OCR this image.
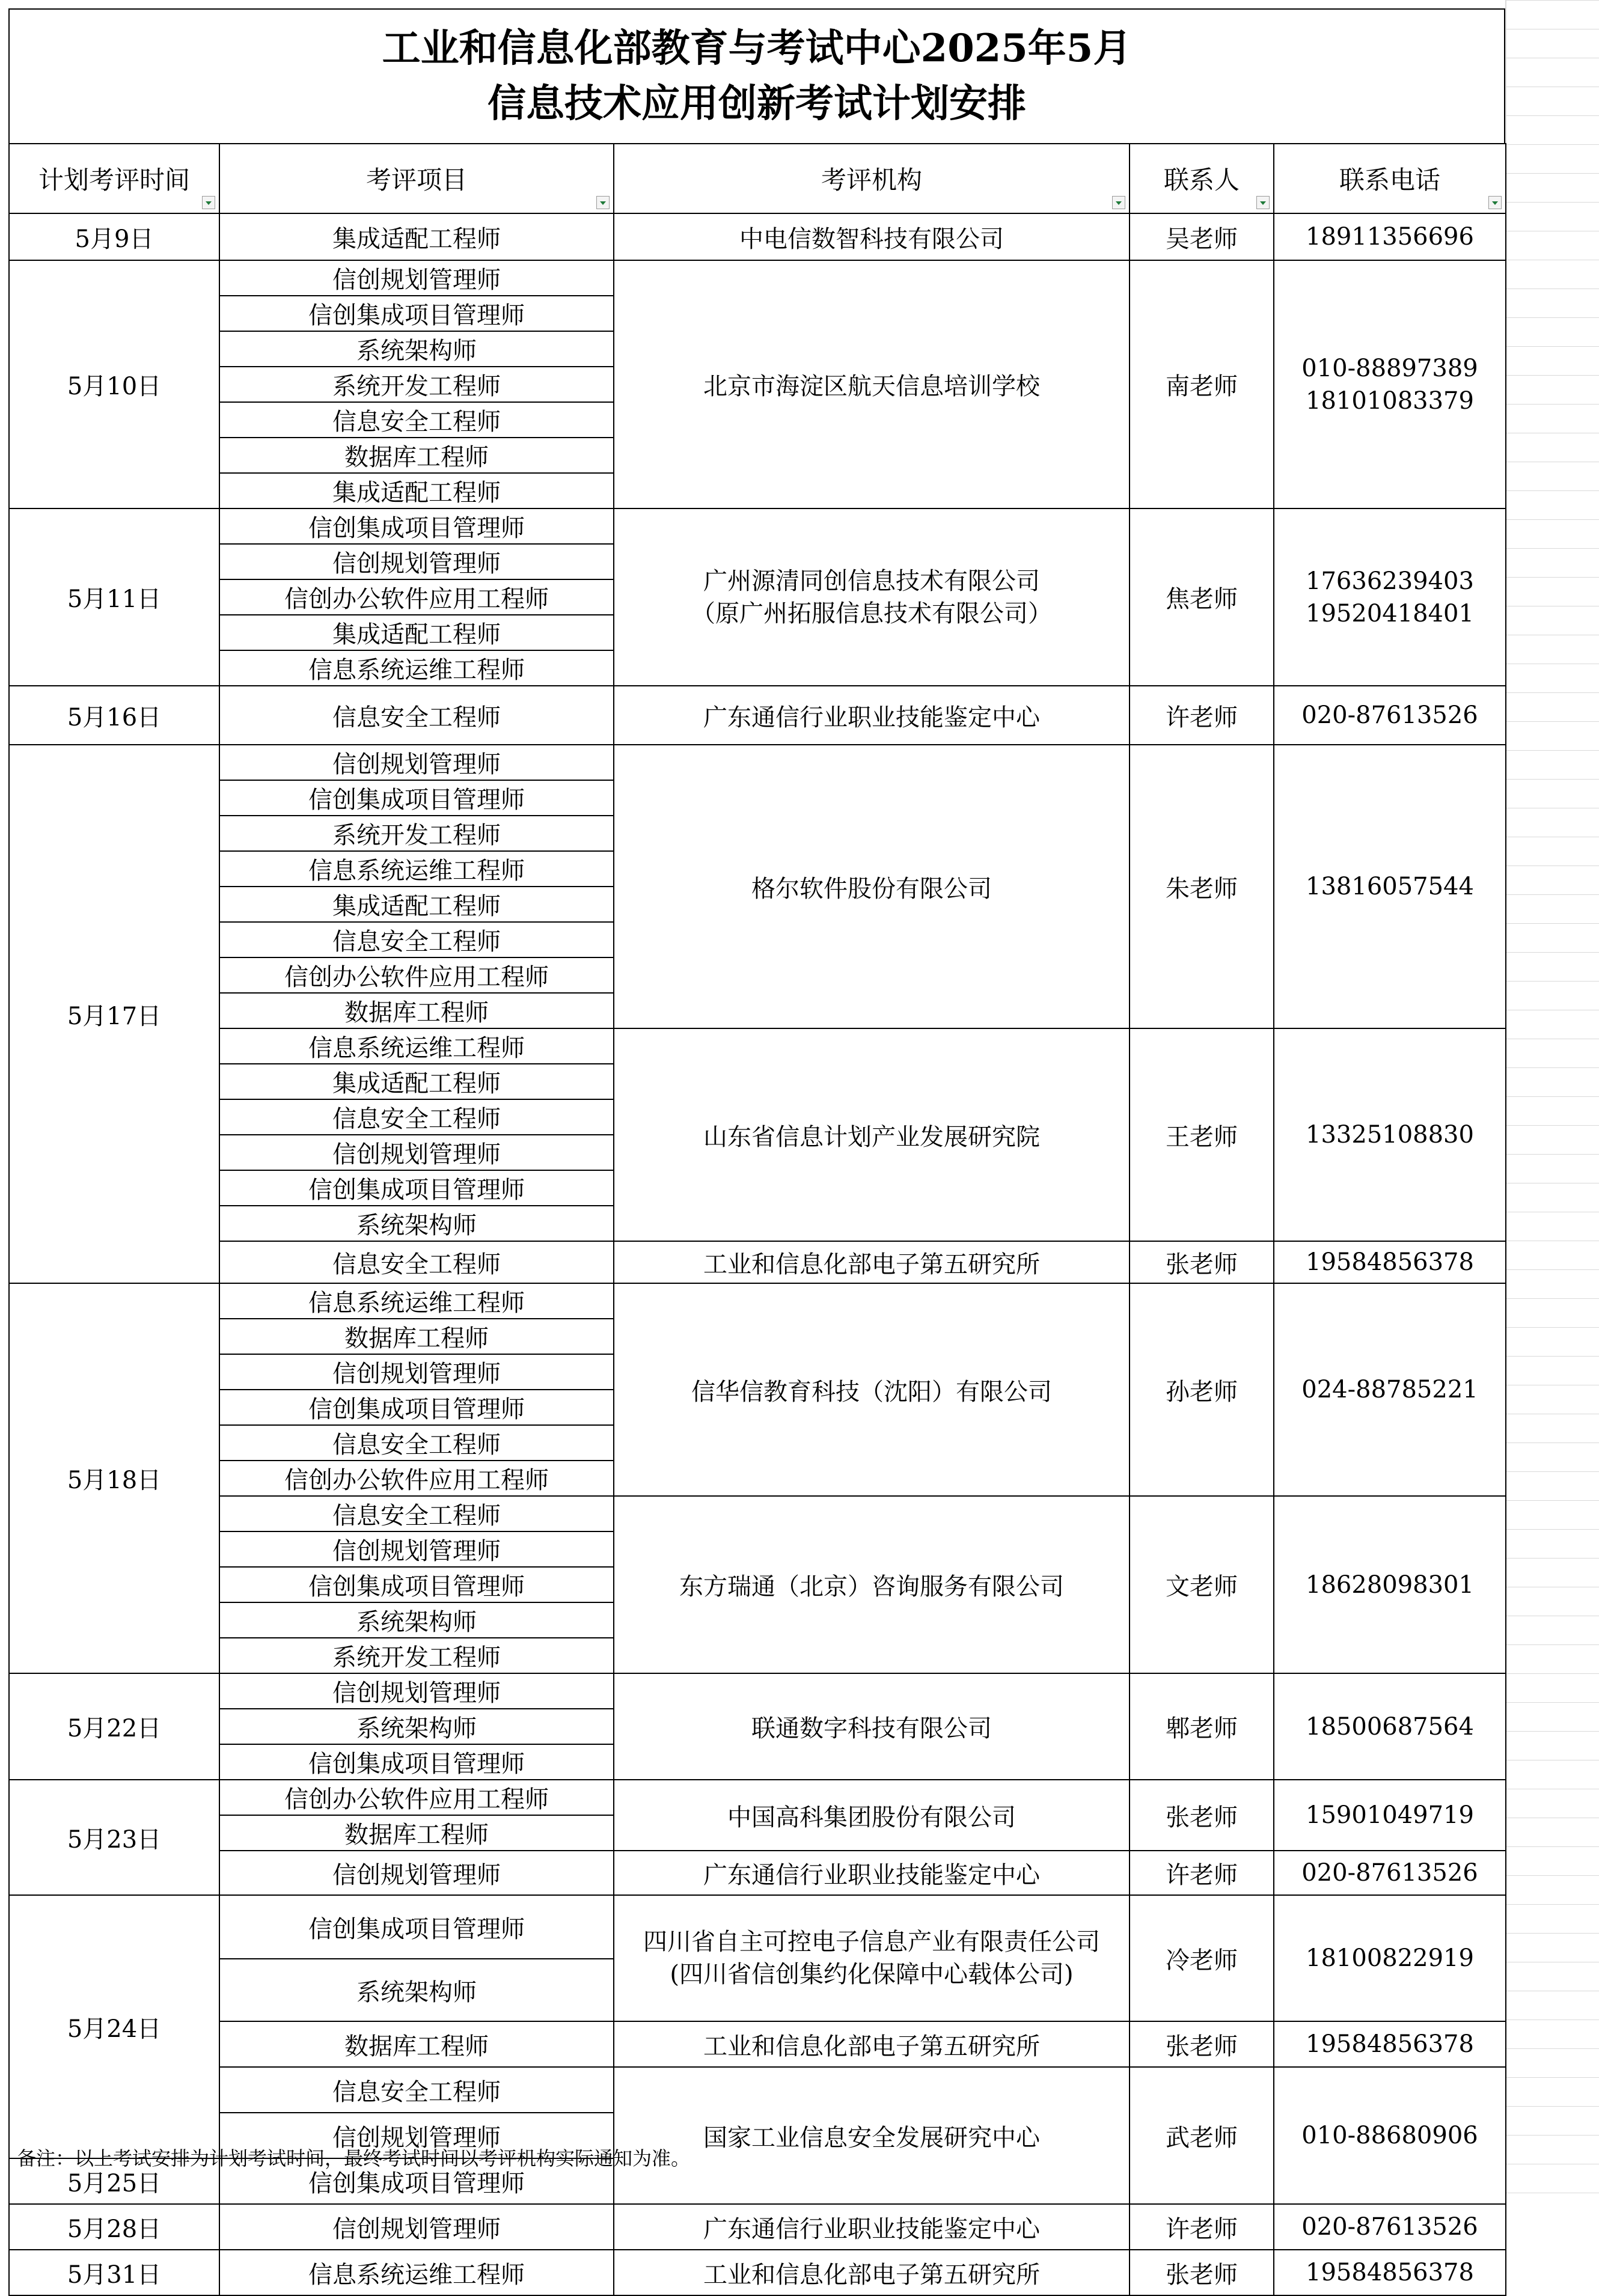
工业和信息化部教育与考试中心2025年5月
信息技术应用创新考试计划安排
计划考评时间	考评项目	考评机构	联系人	联系电话

5月9日	集成适配工程师	中电信数智科技有限公司	吴老师	18911356696
5月10日	信创规划管理师	北京市海淀区航天信息培训学校	南老师	010-88897389
18101083379

	信创集成项目管理师			
	系统架构师			
	系统开发工程师			
	信息安全工程师			
	数据库工程师			
	集成适配工程师			
5月11日	信创集成项目管理师	广州源清同创信息技术有限公司
（原广州拓服信息技术有限公司）	焦老师	17636239403
19520418401

	信创规划管理师			
	信创办公软件应用工程师			
	集成适配工程师			
	信息系统运维工程师			
5月16日	信息安全工程师	广东通信行业职业技能鉴定中心	许老师	020-87613526
5月17日	信创规划管理师	格尔软件股份有限公司	朱老师	13816057544
	信创集成项目管理师			
	系统开发工程师			
	信息系统运维工程师			
	集成适配工程师			
	信息安全工程师			
	信创办公软件应用工程师			
	数据库工程师			
	信息系统运维工程师	山东省信息计划产业发展研究院	王老师	13325108830
	集成适配工程师			
	信息安全工程师			
	信创规划管理师			
	信创集成项目管理师			
	系统架构师			
	信息安全工程师	工业和信息化部电子第五研究所	张老师	19584856378
5月18日	信息系统运维工程师	信华信教育科技（沈阳）有限公司	孙老师	024-88785221
	数据库工程师			
	信创规划管理师			
	信创集成项目管理师			
	信息安全工程师			
	信创办公软件应用工程师			
	信息安全工程师	东方瑞通（北京）咨询服务有限公司	文老师	18628098301
	信创规划管理师			
	信创集成项目管理师			
	系统架构师			
	系统开发工程师			
5月22日	信创规划管理师	联通数字科技有限公司	郫老师	18500687564
	系统架构师			
	信创集成项目管理师			
5月23日	信创办公软件应用工程师	中国高科集团股份有限公司	张老师	15901049719
	数据库工程师			
	信创规划管理师	广东通信行业职业技能鉴定中心	许老师	020-87613526
5月24日	信创集成项目管理师	四川省自主可控电子信息产业有限责任公司
(四川省信创集约化保障中心载体公司)	冷老师	18100822919
	系统架构师			
	数据库工程师	工业和信息化部电子第五研究所	张老师	19584856378
	信息安全工程师	国家工业信息安全发展研究中心	武老师	010-88680906
	信创规划管理师			
5月25日	信创集成项目管理师			
5月28日	信创规划管理师	广东通信行业职业技能鉴定中心	许老师	020-87613526
5月31日	信息系统运维工程师	工业和信息化部电子第五研究所	张老师	19584856378
备注：以上考试安排为计划考试时间，最终考试时间以考评机构实际通知为准。
